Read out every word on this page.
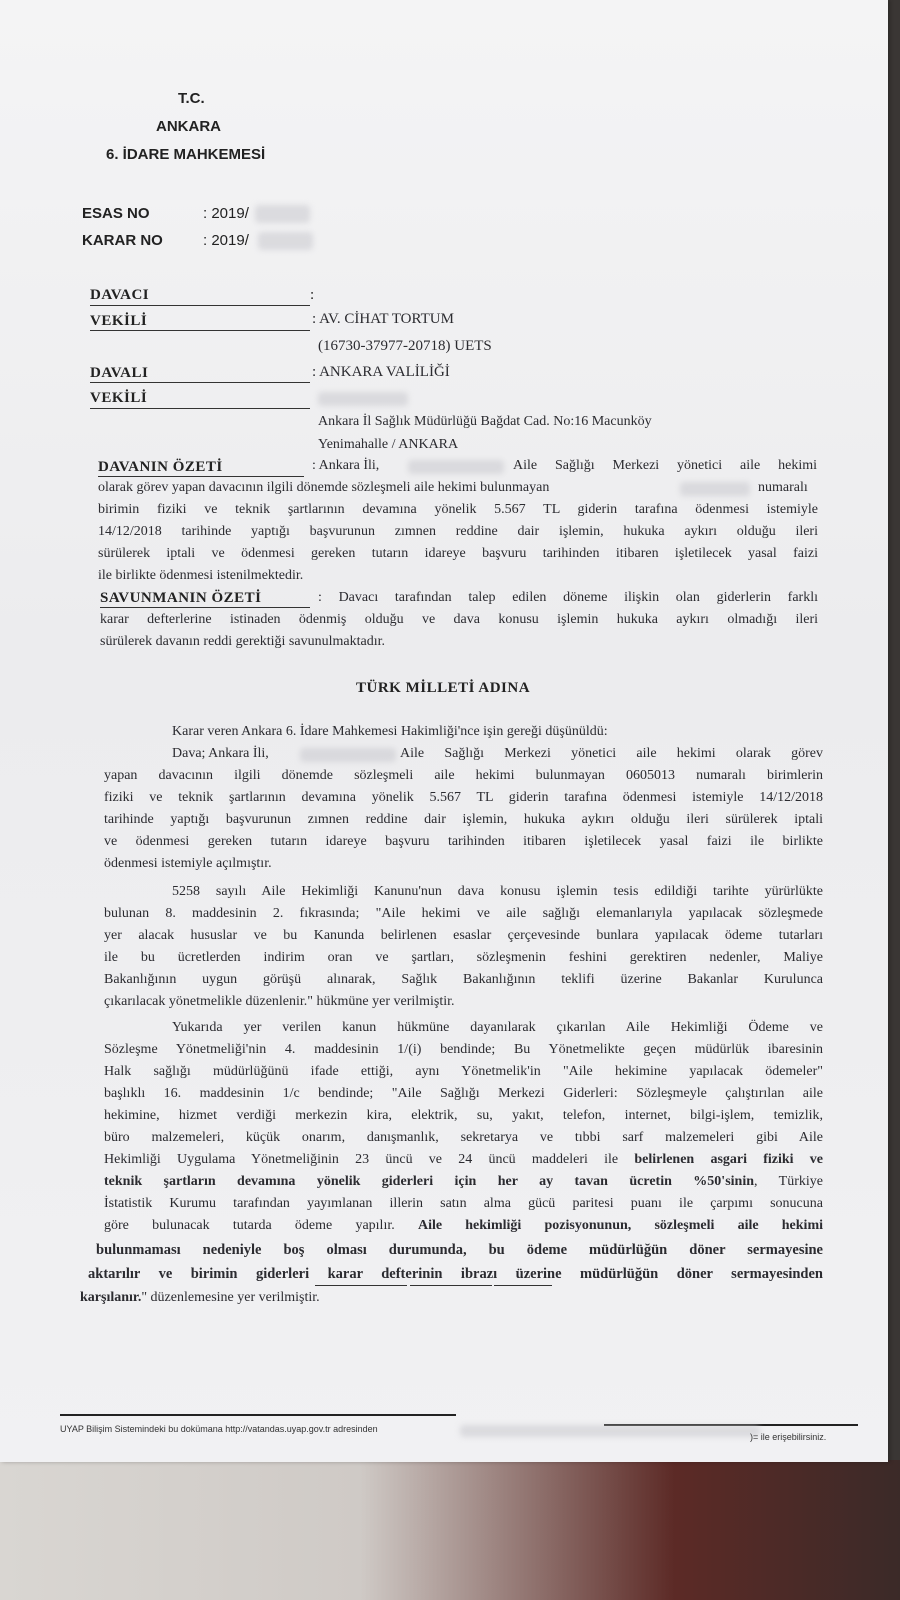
T.C.
ANKARA
6. İDARE MAHKEMESİ
ESAS NO	: 2019/
KARAR NO	: 2019/
DAVACI	:
VEKİLİ	: AV. CİHAT TORTUM
(16730-37977-20718) UETS
DAVALI	: ANKARA VALİLİĞİ
VEKİLİ
Ankara İl Sağlık Müdürlüğü Bağdat Cad. No:16 Macunköy
Yenimahalle / ANKARA
DAVANIN ÖZETİ	: Ankara İli,	Aile Sağlığı Merkezi yönetici aile hekimi
olarak görev yapan davacının ilgili dönemde sözleşmeli aile hekimi bulunmayan	numaralı
birimin fiziki ve teknik şartlarının devamına yönelik 5.567 TL giderin tarafına ödenmesi istemiyle
14/12/2018 tarihinde yaptığı başvurunun zımnen reddine dair işlemin, hukuka aykırı olduğu ileri
sürülerek iptali ve ödenmesi gereken tutarın idareye başvuru tarihinden itibaren işletilecek yasal faizi
ile birlikte ödenmesi istenilmektedir.
SAVUNMANIN ÖZETİ	: Davacı tarafından talep edilen döneme ilişkin olan giderlerin farklı
karar defterlerine istinaden ödenmiş olduğu ve dava konusu işlemin hukuka aykırı olmadığı ileri
sürülerek davanın reddi gerektiği savunulmaktadır.
TÜRK MİLLETİ ADINA
Karar veren Ankara 6. İdare Mahkemesi Hakimliği'nce işin gereği düşünüldü:
Dava; Ankara İli,	Aile Sağlığı Merkezi yönetici aile hekimi olarak görev
yapan davacının ilgili dönemde sözleşmeli aile hekimi bulunmayan 0605013 numaralı birimlerin
fiziki ve teknik şartlarının devamına yönelik 5.567 TL giderin tarafına ödenmesi istemiyle 14/12/2018
tarihinde yaptığı başvurunun zımnen reddine dair işlemin, hukuka aykırı olduğu ileri sürülerek iptali
ve ödenmesi gereken tutarın idareye başvuru tarihinden itibaren işletilecek yasal faizi ile birlikte
ödenmesi istemiyle açılmıştır.
5258 sayılı Aile Hekimliği Kanunu'nun dava konusu işlemin tesis edildiği tarihte yürürlükte
bulunan 8. maddesinin 2. fıkrasında; "Aile hekimi ve aile sağlığı elemanlarıyla yapılacak sözleşmede
yer alacak hususlar ve bu Kanunda belirlenen esaslar çerçevesinde bunlara yapılacak ödeme tutarları
ile bu ücretlerden indirim oran ve şartları, sözleşmenin feshini gerektiren nedenler, Maliye
Bakanlığının uygun görüşü alınarak, Sağlık Bakanlığının teklifi üzerine Bakanlar Kurulunca
çıkarılacak yönetmelikle düzenlenir." hükmüne yer verilmiştir.
Yukarıda yer verilen kanun hükmüne dayanılarak çıkarılan Aile Hekimliği Ödeme ve
Sözleşme Yönetmeliği'nin 4. maddesinin 1/(i) bendinde; Bu Yönetmelikte geçen müdürlük ibaresinin
Halk sağlığı müdürlüğünü ifade ettiği, aynı Yönetmelik'in "Aile hekimine yapılacak ödemeler"
başlıklı 16. maddesinin 1/c bendinde; "Aile Sağlığı Merkezi Giderleri: Sözleşmeyle çalıştırılan aile
hekimine, hizmet verdiği merkezin kira, elektrik, su, yakıt, telefon, internet, bilgi-işlem, temizlik,
büro malzemeleri, küçük onarım, danışmanlık, sekretarya ve tıbbi sarf malzemeleri gibi Aile
Hekimliği Uygulama Yönetmeliğinin 23 üncü ve 24 üncü maddeleri ile belirlenen asgari fiziki ve
teknik şartların devamına yönelik giderleri için her ay tavan ücretin %50'sinin, Türkiye
İstatistik Kurumu tarafından yayımlanan illerin satın alma gücü paritesi puanı ile çarpımı sonucuna
göre bulunacak tutarda ödeme yapılır. Aile hekimliği pozisyonunun, sözleşmeli aile hekimi
bulunmaması nedeniyle boş olması durumunda, bu ödeme müdürlüğün döner sermayesine
aktarılır ve birimin giderleri karar defterinin ibrazı üzerine müdürlüğün döner sermayesinden
karşılanır." düzenlemesine yer verilmiştir.
UYAP Bilişim Sistemindeki bu dokümana http://vatandas.uyap.gov.tr adresinden
)= ile erişebilirsiniz.
